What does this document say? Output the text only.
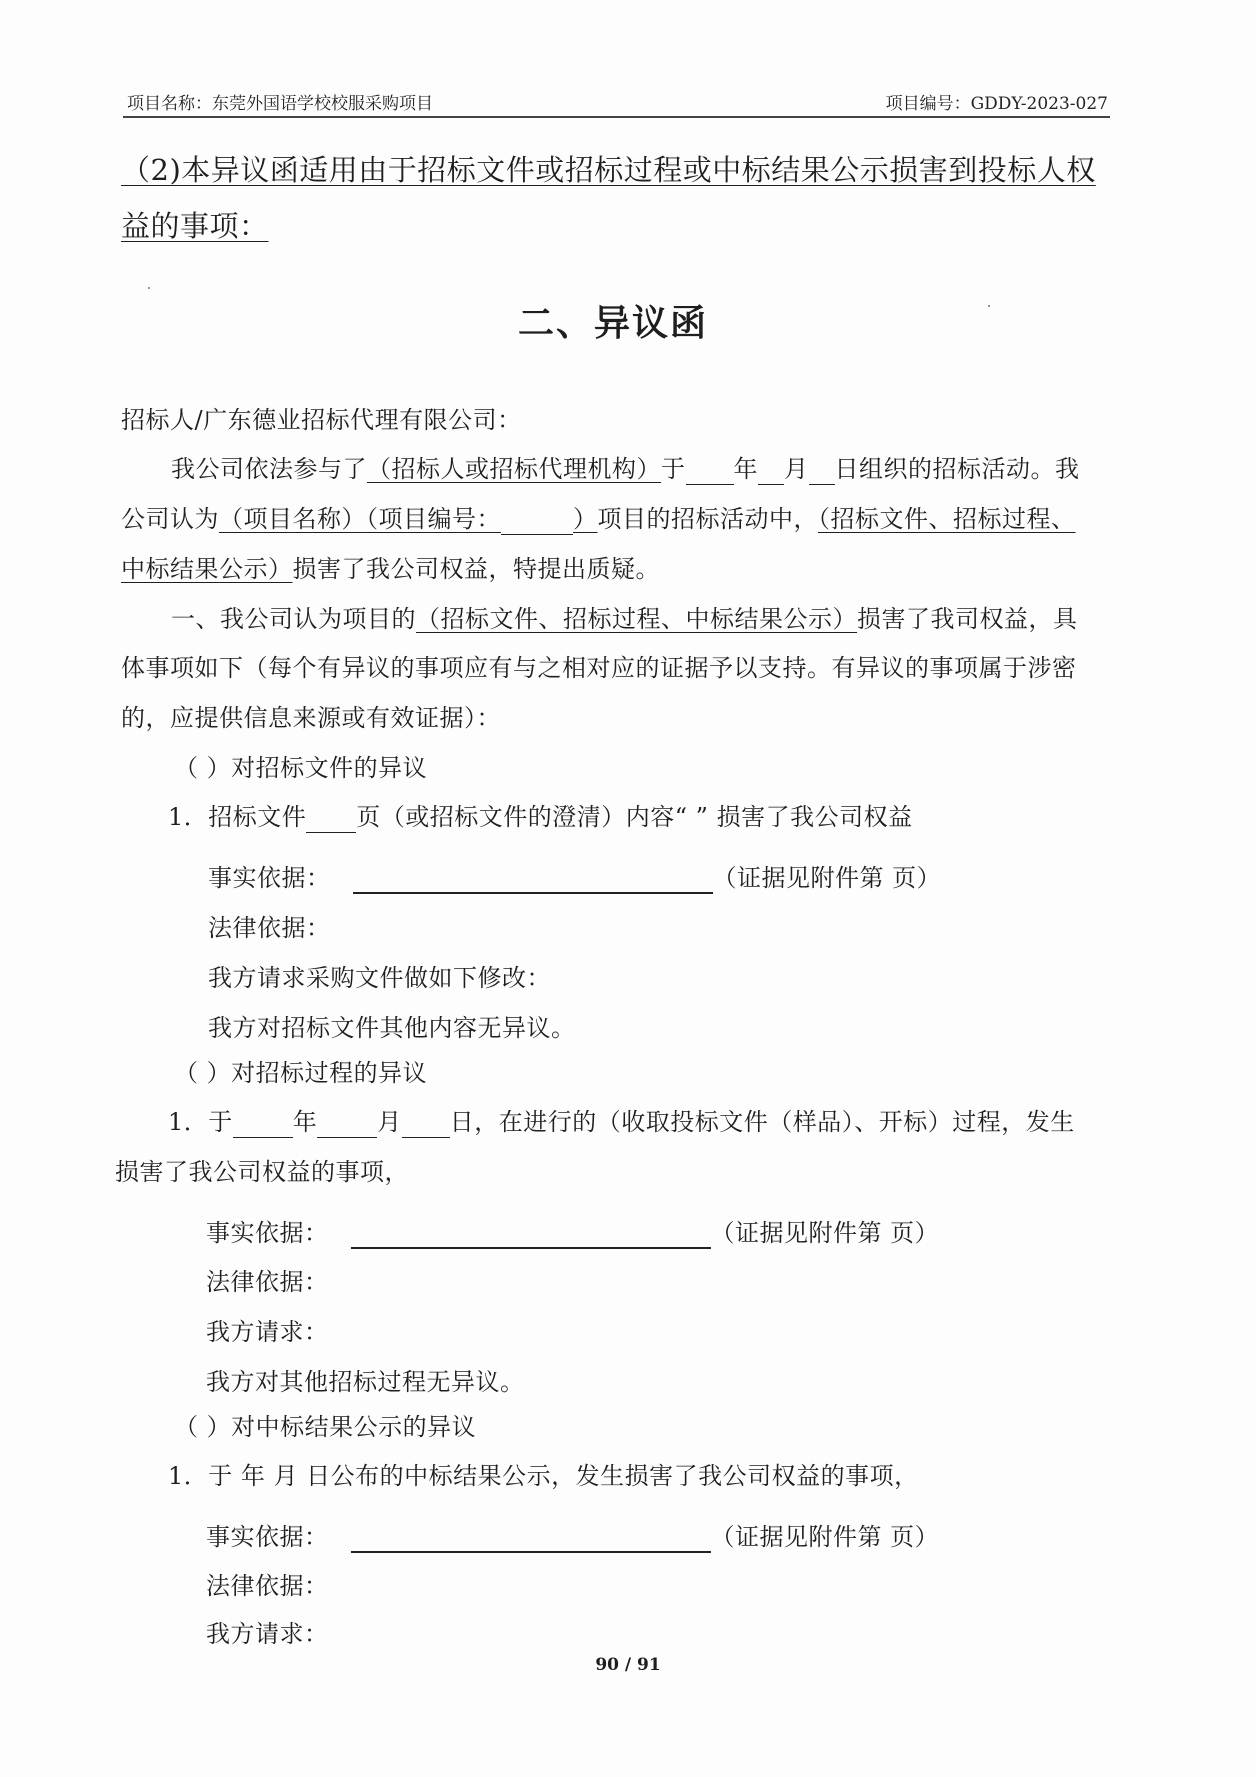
项目名称：东莞外国语学校校服采购项目	项目编号：GDDY-2023-027
（2)本异议函适用由于招标文件或招标过程或中标结果公示损害到投标人权
益的事项：
二、异议函
招标人/广东德业招标代理有限公司：
我公司依法参与了（招标人或招标代理机构）于 年 月 日组织的招标活动。我
公司认为（项目名称）（项目编号：	）项目的招标活动中，（招标文件、招标过程、
中标结果公示）损害了我公司权益，特提出质疑。
一、我公司认为项目的（招标文件、招标过程、中标结果公示）损害了我司权益，具
体事项如下（每个有异议的事项应有与之相对应的证据予以支持。有异议的事项属于涉密
的，应提供信息来源或有效证据）：
（ ）对招标文件的异议
1．招标文件 页（或招标文件的澄清）内容“ ” 损害了我公司权益
事实依据：	（证据见附件第 页）
法律依据：
我方请求采购文件做如下修改：
我方对招标文件其他内容无异议。
（ ）对招标过程的异议
1．于	年	月 日，在进行的（收取投标文件（样品）、开标）过程，发生
损害了我公司权益的事项，
事实依据：	（证据见附件第 页）
法律依据：
我方请求：
我方对其他招标过程无异议。
（ ）对中标结果公示的异议
1．于 年 月 日公布的中标结果公示，发生损害了我公司权益的事项，
事实依据：	（证据见附件第 页）
法律依据：
我方请求：
90 / 91
